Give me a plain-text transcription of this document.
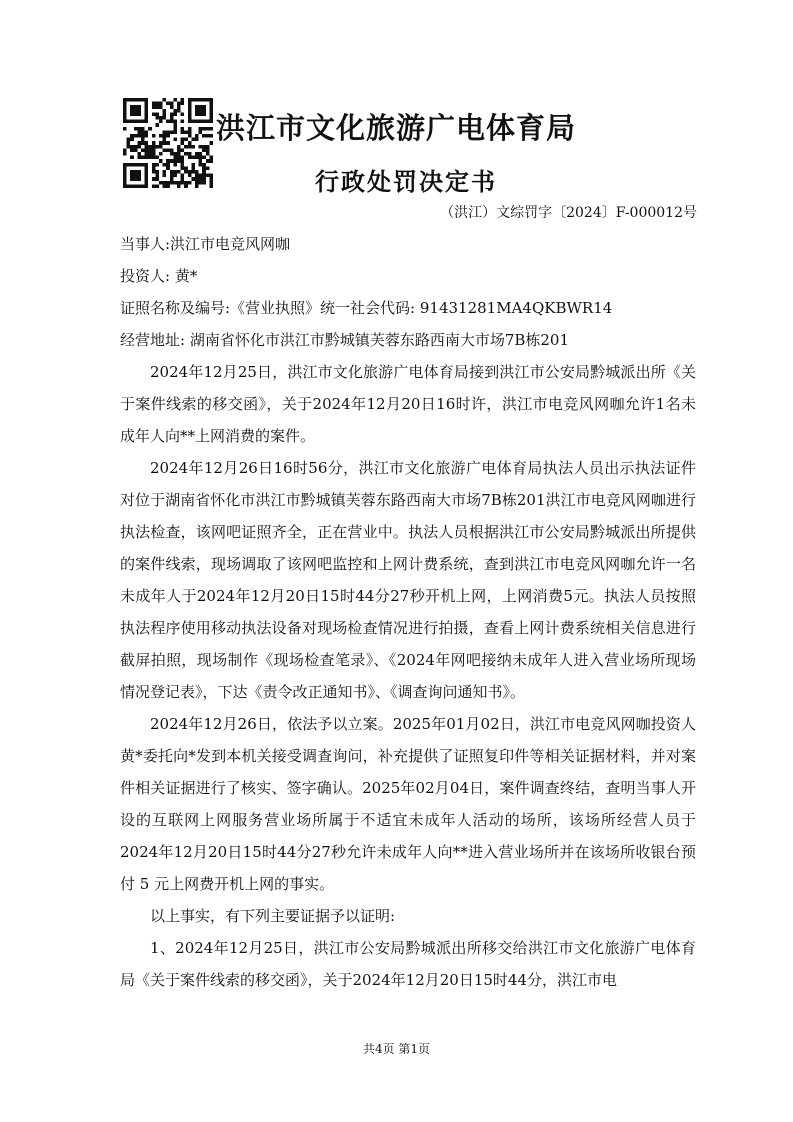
洪江市文化旅游广电体育局
行政处罚决定书
（洪江）文综罚字〔2024〕F-000012号

当事人:洪江市电竞风网咖

投资人: 黄*

证照名称及编号:《营业执照》统一社会代码: 91431281MA4QKBWR14

经营地址: 湖南省怀化市洪江市黔城镇芙蓉东路西南大市场7B栋201

2024年12月25日，洪江市文化旅游广电体育局接到洪江市公安局黔城派出所《关于案件线索的移交函》，关于2024年12月20日16时许，洪江市电竞风网咖允许1名未成年人向**上网消费的案件。

2024年12月26日16时56分，洪江市文化旅游广电体育局执法人员出示执法证件对位于湖南省怀化市洪江市黔城镇芙蓉东路西南大市场7B栋201洪江市电竞风网咖进行执法检查，该网吧证照齐全，正在营业中。执法人员根据洪江市公安局黔城派出所提供的案件线索，现场调取了该网吧监控和上网计费系统，查到洪江市电竞风网咖允许一名未成年人于2024年12月20日15时44分27秒开机上网，上网消费5元。执法人员按照执法程序使用移动执法设备对现场检查情况进行拍摄，查看上网计费系统相关信息进行截屏拍照，现场制作《现场检查笔录》、《2024年网吧接纳未成年人进入营业场所现场情况登记表》，下达《责令改正通知书》、《调查询问通知书》。

2024年12月26日，依法予以立案。2025年01月02日，洪江市电竞风网咖投资人黄*委托向*发到本机关接受调查询问，补充提供了证照复印件等相关证据材料，并对案件相关证据进行了核实、签字确认。2025年02月04日，案件调查终结，查明当事人开设的互联网上网服务营业场所属于不适宜未成年人活动的场所，该场所经营人员于2024年12月20日15时44分27秒允许未成年人向**进入营业场所并在该场所收银台预付 5 元上网费开机上网的事实。

以上事实，有下列主要证据予以证明:

1、2024年12月25日，洪江市公安局黔城派出所移交给洪江市文化旅游广电体育局《关于案件线索的移交函》，关于2024年12月20日15时44分，洪江市电

共4页 第1页
